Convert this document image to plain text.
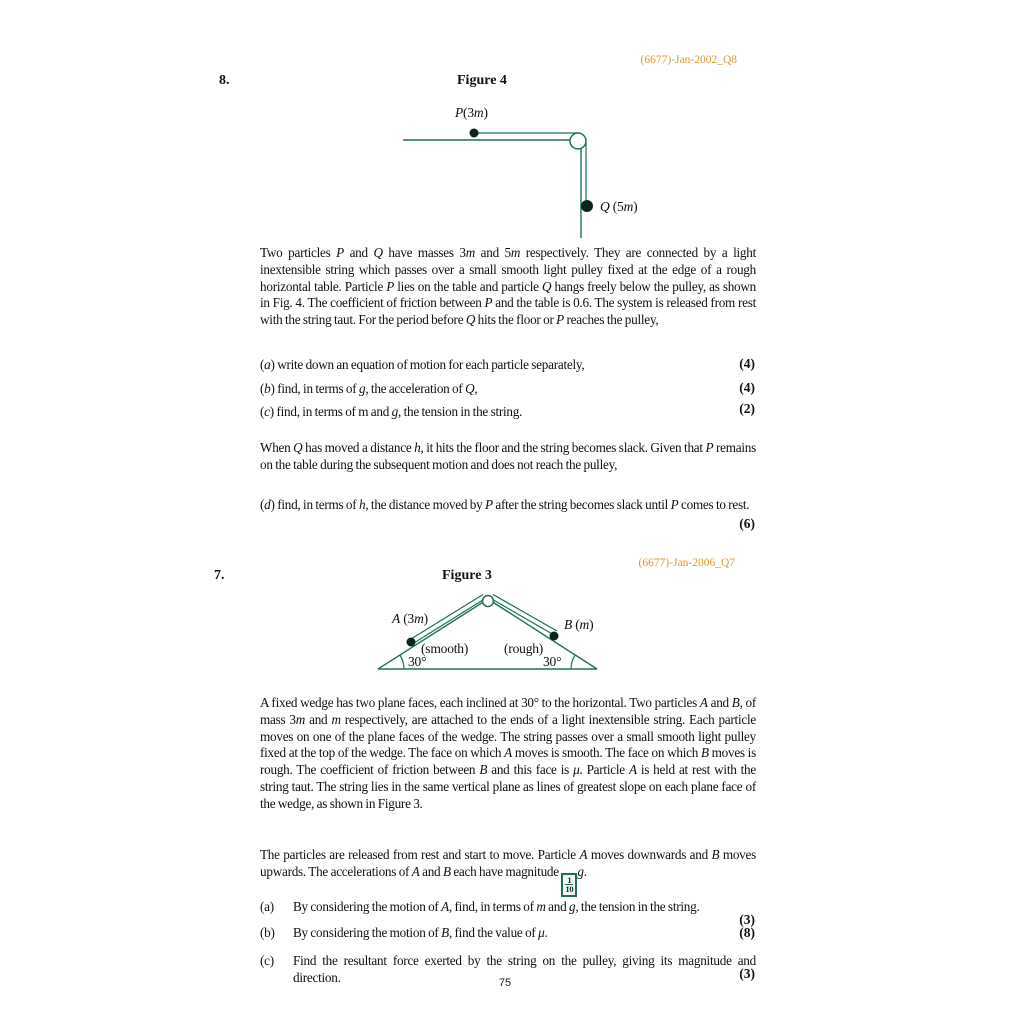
(6677)-Jan-2002_Q8
8.	Figure 4
P(3m)
Q (5m)
Two particles P and Q have masses 3m and 5m respectively. They are connected by a light inextensible string which passes over a small smooth light pulley fixed at the edge of a rough horizontal table. Particle P lies on the table and particle Q hangs freely below the pulley, as shown in Fig. 4. The coefficient of friction between P and the table is 0.6. The system is released from rest with the string taut. For the period before Q hits the floor or P reaches the pulley,
(a) write down an equation of motion for each particle separately,	(4)
(b) find, in terms of g, the acceleration of Q,	(4)
(c) find, in terms of m and g, the tension in the string.	(2)
When Q has moved a distance h, it hits the floor and the string becomes slack. Given that P remains on the table during the subsequent motion and does not reach the pulley,
(d) find, in terms of h, the distance moved by P after the string becomes slack until P comes to rest.
(6)
(6677)-Jan-2006_Q7
7.	Figure 3
A (3m)	B (m)
(smooth)	(rough)
30°	30°
A fixed wedge has two plane faces, each inclined at 30° to the horizontal. Two particles A and B, of mass 3m and m respectively, are attached to the ends of a light inextensible string. Each particle moves on one of the plane faces of the wedge. The string passes over a small smooth light pulley fixed at the top of the wedge. The face on which A moves is smooth. The face on which B moves is rough. The coefficient of friction between B and this face is μ. Particle A is held at rest with the string taut. The string lies in the same vertical plane as lines of greatest slope on each plane face of the wedge, as shown in Figure 3.
The particles are released from rest and start to move. Particle A moves downwards and B moves upwards. The accelerations of A and B each have magnitude
$\frac{1}{10}$
g.
(a) By considering the motion of A, find, in terms of m and g, the tension in the string.
(3)
(b) By considering the motion of B, find the value of μ.	(8)
(c) Find the resultant force exerted by the string on the pulley, giving its magnitude and direction.	(3)
75
